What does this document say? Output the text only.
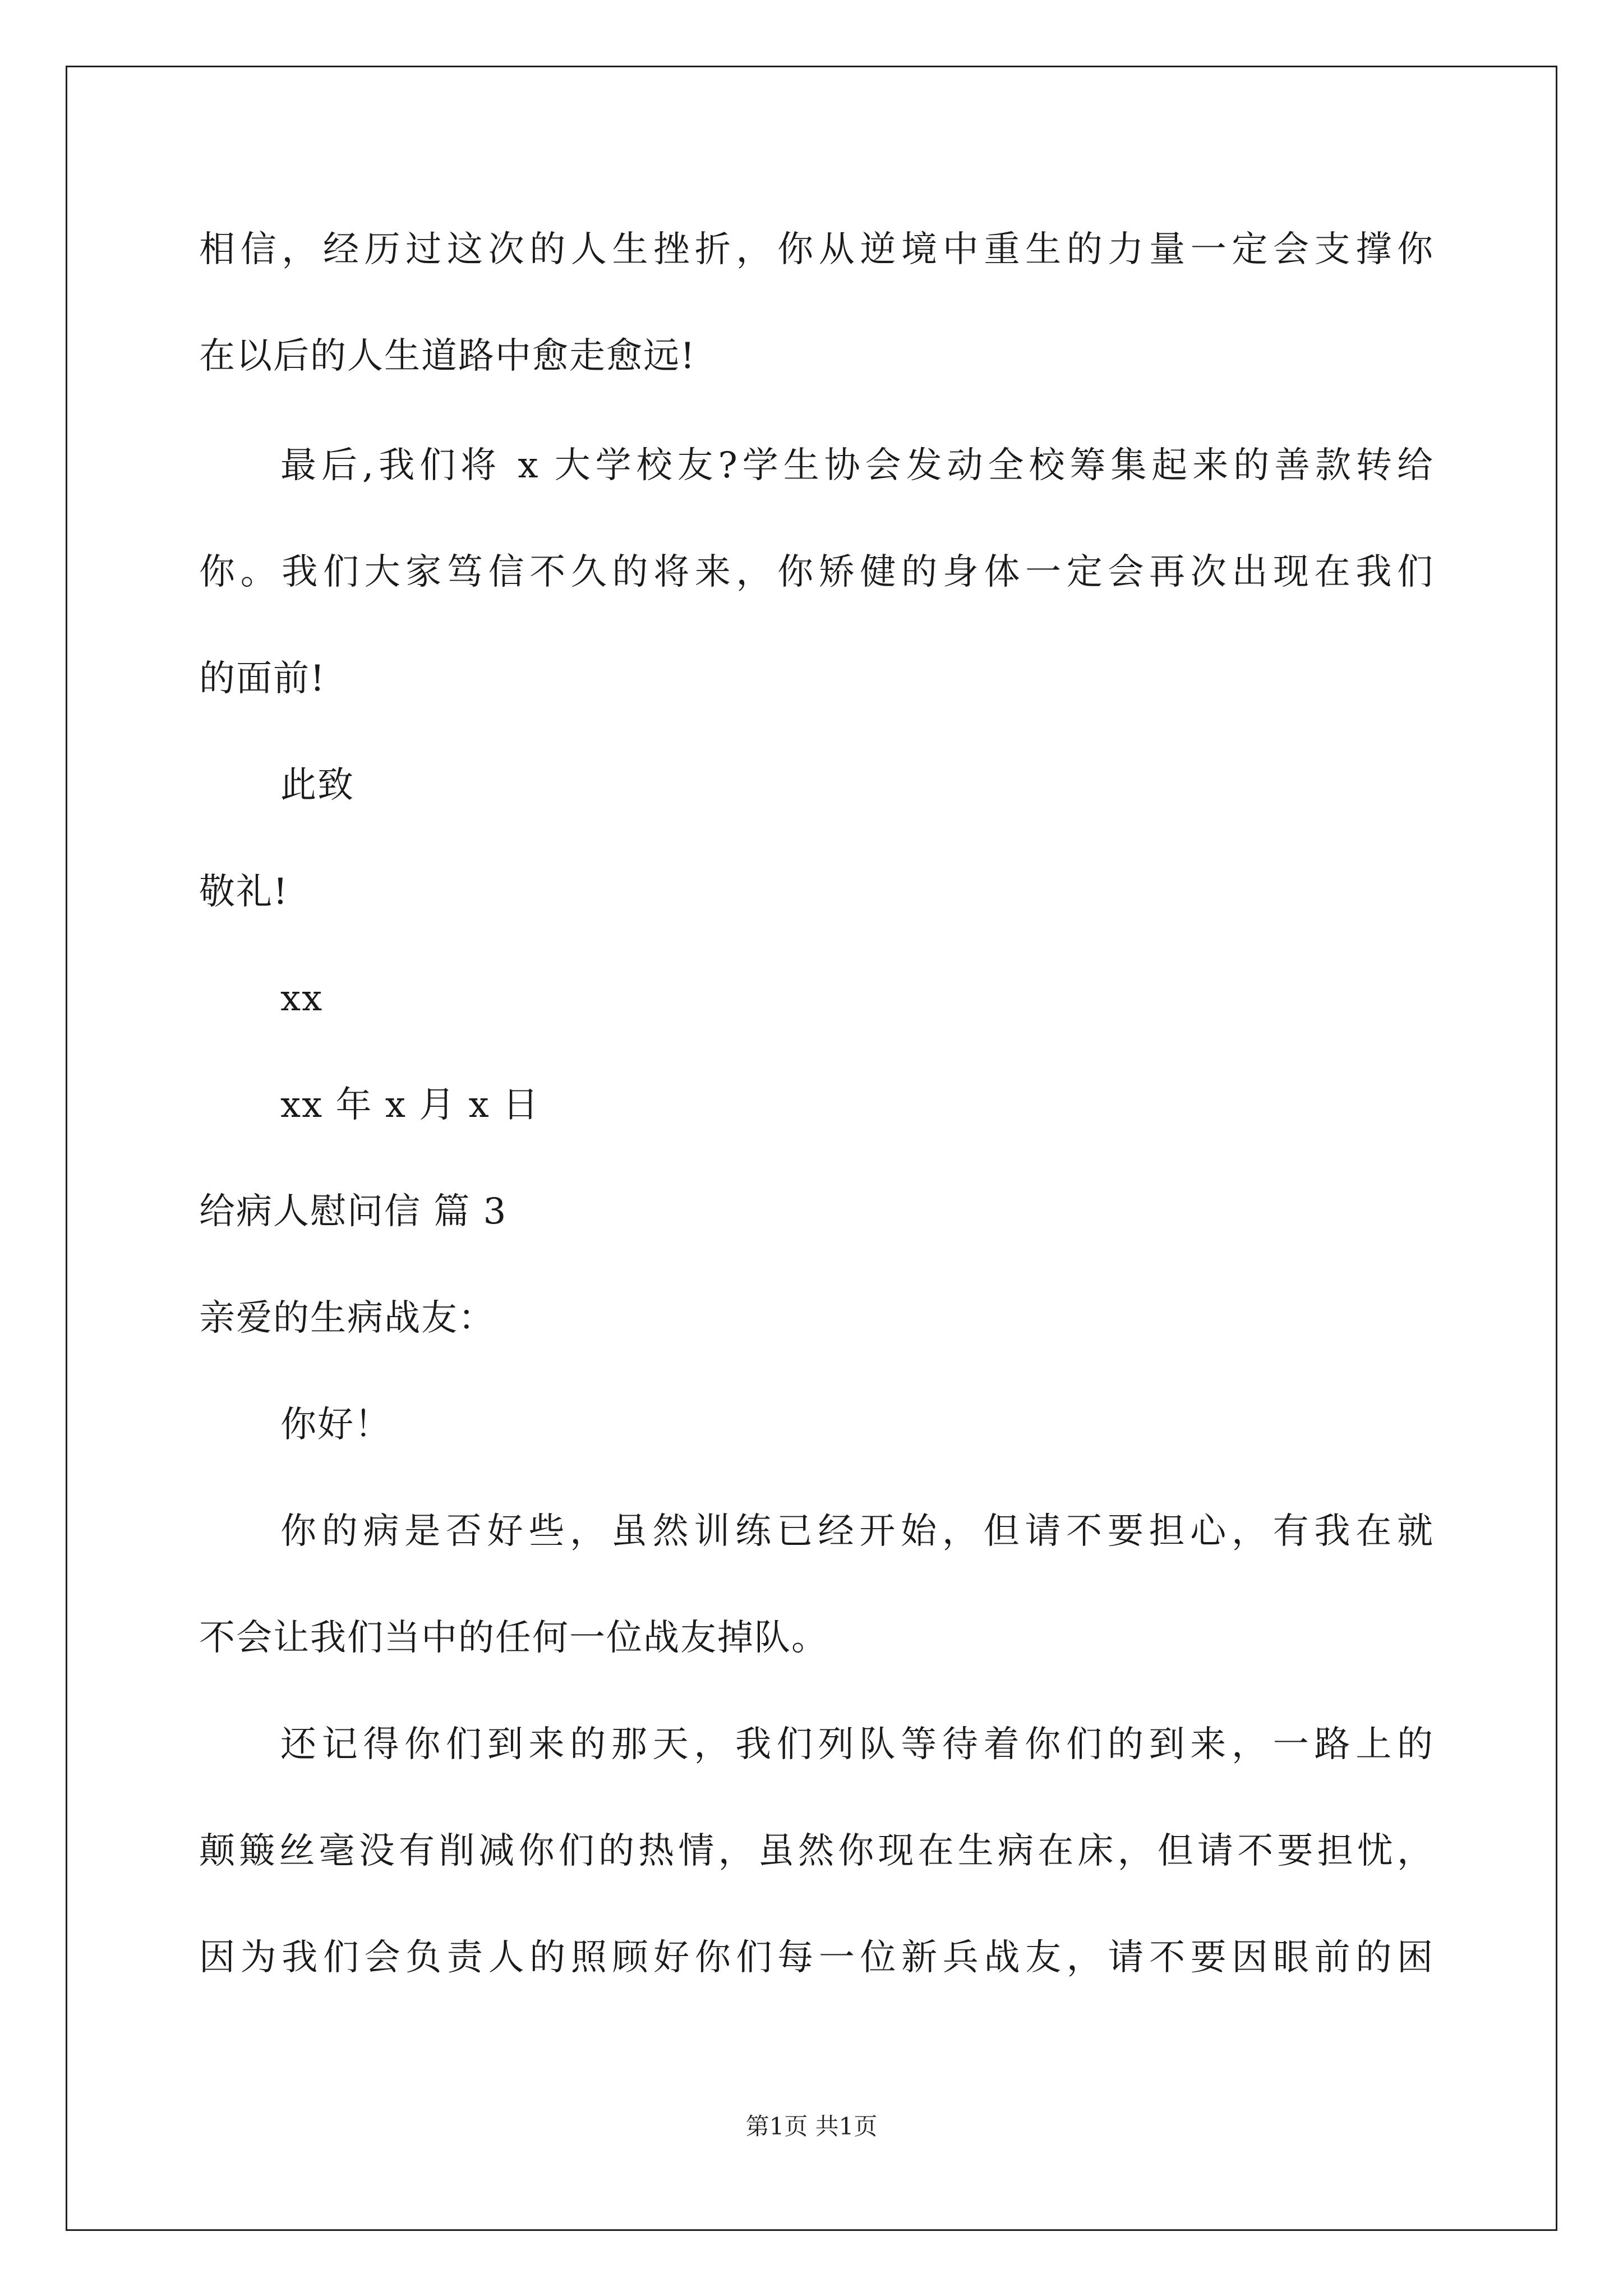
相信，经历过这次的人生挫折，你从逆境中重生的力量一定会支撑你
在以后的人生道路中愈走愈远!
最后,我们将 x 大学校友?学生协会发动全校筹集起来的善款转给
你。我们大家笃信不久的将来，你矫健的身体一定会再次出现在我们
的面前!
此致
敬礼!
xx
xx 年 x 月 x 日
给病人慰问信 篇 3
亲爱的生病战友：
你好！
你的病是否好些，虽然训练已经开始，但请不要担心，有我在就
不会让我们当中的任何一位战友掉队。
还记得你们到来的那天，我们列队等待着你们的到来，一路上的
颠簸丝毫没有削减你们的热情，虽然你现在生病在床，但请不要担忧，
因为我们会负责人的照顾好你们每一位新兵战友，请不要因眼前的困
第1页 共1页
